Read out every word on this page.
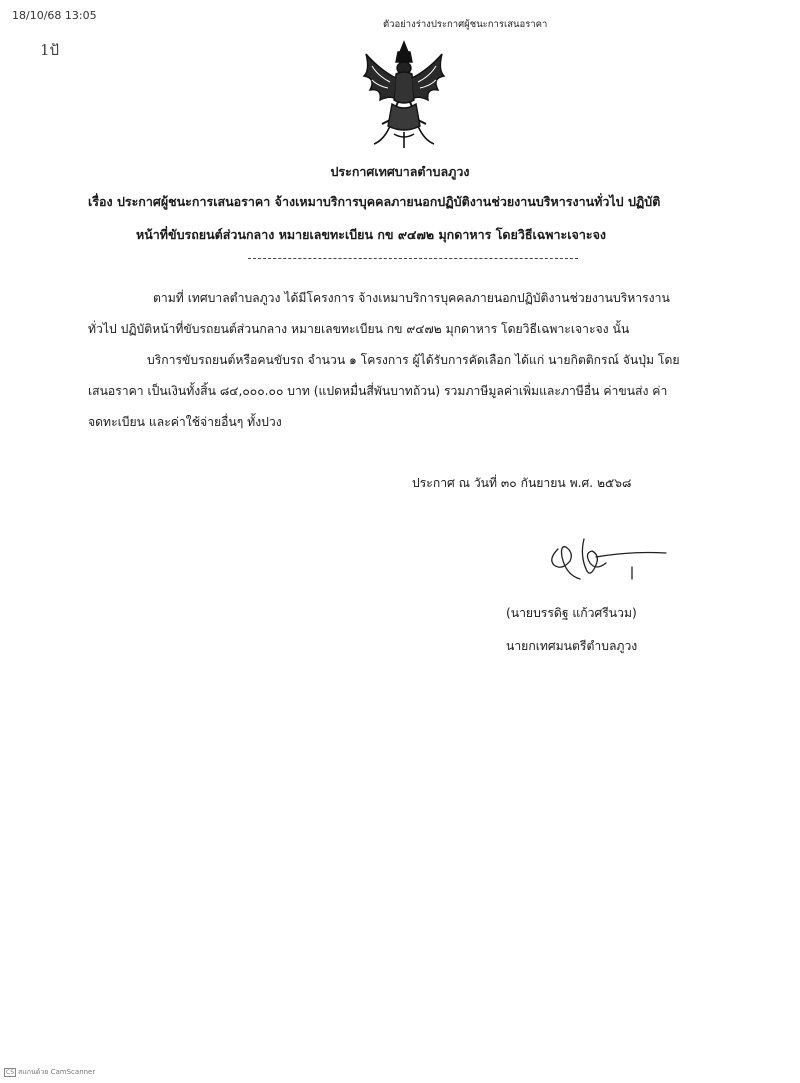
18/10/68 13:05
1ปั
ตัวอย่างร่างประกาศผู้ชนะการเสนอราคา
ประกาศเทศบาลตำบลภูวง
เรื่อง ประกาศผู้ชนะการเสนอราคา จ้างเหมาบริการบุคคลภายนอกปฏิบัติงานช่วยงานบริหารงานทั่วไป ปฏิบัติ
หน้าที่ขับรถยนต์ส่วนกลาง หมายเลขทะเบียน กข ๙๔๗๒ มุกดาหาร โดยวิธีเฉพาะเจาะจง
ตามที่ เทศบาลตำบลภูวง ได้มีโครงการ จ้างเหมาบริการบุคคลภายนอกปฏิบัติงานช่วยงานบริหารงาน
ทั่วไป ปฏิบัติหน้าที่ขับรถยนต์ส่วนกลาง หมายเลขทะเบียน กข ๙๔๗๒ มุกดาหาร โดยวิธีเฉพาะเจาะจง นั้น
บริการขับรถยนต์หรือคนขับรถ จำนวน ๑ โครงการ ผู้ได้รับการคัดเลือก ได้แก่ นายกิตติกรณ์ จันปุ่ม โดย
เสนอราคา เป็นเงินทั้งสิ้น ๘๔,๐๐๐.๐๐ บาท (แปดหมื่นสี่พันบาทถ้วน) รวมภาษีมูลค่าเพิ่มและภาษีอื่น ค่าขนส่ง ค่า
จดทะเบียน และค่าใช้จ่ายอื่นๆ ทั้งปวง
ประกาศ ณ วันที่ ๓๐ กันยายน พ.ศ. ๒๕๖๘
(นายบรรดิฐ แก้วศรีนวม)
นายกเทศมนตรีตำบลภูวง
CS สแกนด้วย CamScanner
